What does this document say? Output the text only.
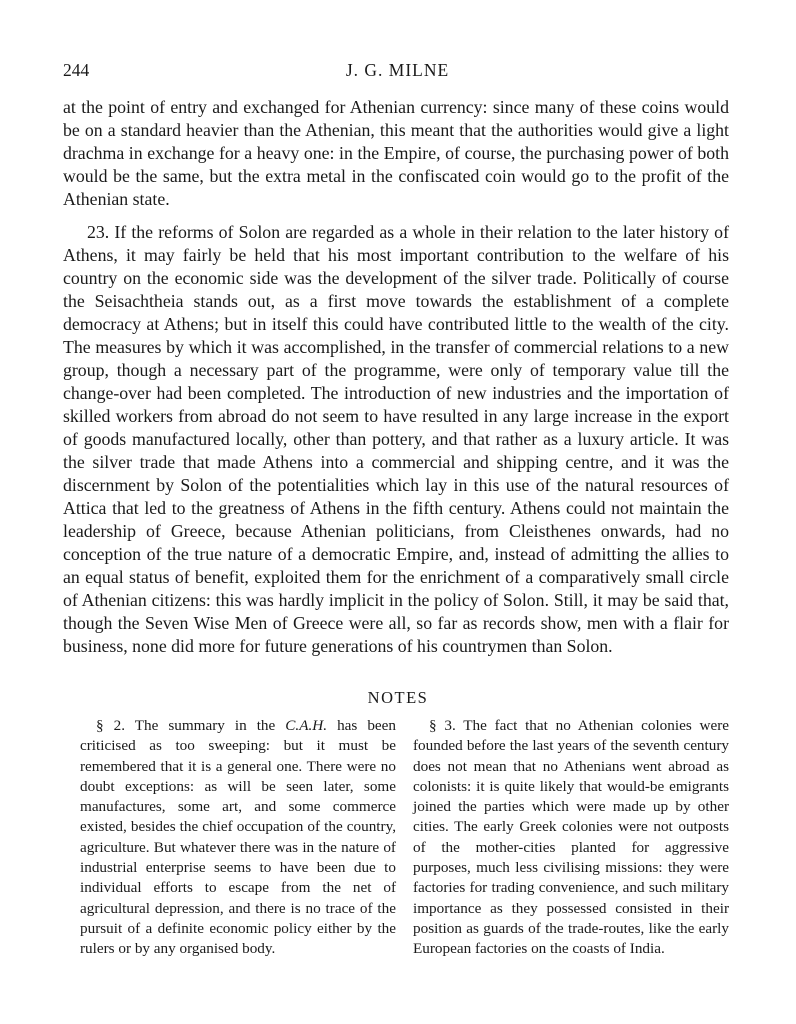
244	J. G. MILNE

at the point of entry and exchanged for Athenian currency: since many of these coins would be on a standard heavier than the Athenian, this meant that the authorities would give a light drachma in exchange for a heavy one: in the Empire, of course, the purchasing power of both would be the same, but the extra metal in the confiscated coin would go to the profit of the Athenian state.

23. If the reforms of Solon are regarded as a whole in their relation to the later history of Athens, it may fairly be held that his most important contribution to the welfare of his country on the economic side was the development of the silver trade. Politically of course the Seisachtheia stands out, as a first move towards the establishment of a complete democracy at Athens; but in itself this could have contributed little to the wealth of the city. The measures by which it was accomplished, in the transfer of commercial relations to a new group, though a necessary part of the programme, were only of temporary value till the change-over had been completed. The introduction of new industries and the importation of skilled workers from abroad do not seem to have resulted in any large increase in the export of goods manufactured locally, other than pottery, and that rather as a luxury article. It was the silver trade that made Athens into a commercial and shipping centre, and it was the discernment by Solon of the potentialities which lay in this use of the natural resources of Attica that led to the greatness of Athens in the fifth century. Athens could not maintain the leadership of Greece, because Athenian politicians, from Cleisthenes onwards, had no conception of the true nature of a democratic Empire, and, instead of admitting the allies to an equal status of benefit, exploited them for the enrichment of a comparatively small circle of Athenian citizens: this was hardly implicit in the policy of Solon. Still, it may be said that, though the Seven Wise Men of Greece were all, so far as records show, men with a flair for business, none did more for future generations of his countrymen than Solon.

NOTES

§ 2. The summary in the C.A.H. has been criticised as too sweeping: but it must be remembered that it is a general one. There were no doubt exceptions: as will be seen later, some manufactures, some art, and some commerce existed, besides the chief occupation of the country, agriculture. But whatever there was in the nature of industrial enterprise seems to have been due to individual efforts to escape from the net of agricultural depression, and there is no trace of the pursuit of a definite economic policy either by the rulers or by any organised body.

§ 3. The fact that no Athenian colonies were founded before the last years of the seventh century does not mean that no Athenians went abroad as colonists: it is quite likely that would-be emigrants joined the parties which were made up by other cities. The early Greek colonies were not outposts of the mother-cities planted for aggressive purposes, much less civilising missions: they were factories for trading convenience, and such military importance as they possessed consisted in their position as guards of the trade-routes, like the early European factories on the coasts of India.
